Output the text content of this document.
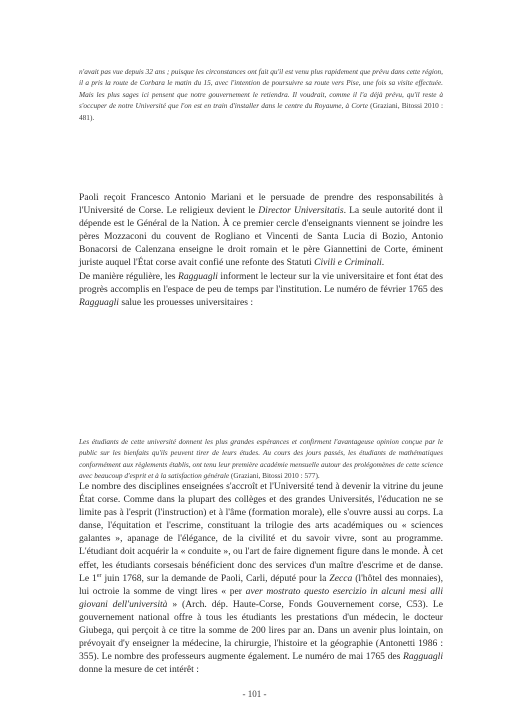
n'avait pas vue depuis 32 ans ; puisque les circonstances ont fait qu'il est venu plus rapidement que prévu dans cette région, il a pris la route de Corbara le matin du 15, avec l'intention de poursuivre sa route vers Pise, une fois sa visite effectuée. Mais les plus sages ici pensent que notre gouvernement le retiendra. Il voudrait, comme il l'a déjà prévu, qu'il reste à s'occuper de notre Université que l'on est en train d'installer dans le centre du Royaume, à Corte (Graziani, Bitossi 2010 : 481).

Paoli reçoit Francesco Antonio Mariani et le persuade de prendre des responsabilités à l'Université de Corse. Le religieux devient le Director Universitatis. La seule autorité dont il dépende est le Général de la Nation. À ce premier cercle d'enseignants viennent se joindre les pères Mozzaconi du couvent de Rogliano et Vincenti de Santa Lucia di Bozio, Antonio Bonacorsi de Calenzana enseigne le droit romain et le père Giannettini de Corte, éminent juriste auquel l'État corse avait confié une refonte des Statuti Civili e Criminali.

De manière régulière, les Ragguagli informent le lecteur sur la vie universitaire et font état des progrès accomplis en l'espace de peu de temps par l'institution. Le numéro de février 1765 des Ragguagli salue les prouesses universitaires :

Les étudiants de cette université donnent les plus grandes espérances et confirment l'avantageuse opinion conçue par le public sur les bienfaits qu'ils peuvent tirer de leurs études. Au cours des jours passés, les étudiants de mathématiques conformément aux règlements établis, ont tenu leur première académie mensuelle autour des prolégomènes de cette science avec beaucoup d'esprit et à la satisfaction générale (Graziani, Bitossi 2010 : 577).

Le nombre des disciplines enseignées s'accroît et l'Université tend à devenir la vitrine du jeune État corse. Comme dans la plupart des collèges et des grandes Universités, l'éducation ne se limite pas à l'esprit (l'instruction) et à l'âme (formation morale), elle s'ouvre aussi au corps. La danse, l'équitation et l'escrime, constituant la trilogie des arts académiques ou « sciences galantes », apanage de l'élégance, de la civilité et du savoir vivre, sont au programme. L'étudiant doit acquérir la « conduite », ou l'art de faire dignement figure dans le monde. À cet effet, les étudiants corsesais bénéficient donc des services d'un maître d'escrime et de danse. Le 1er juin 1768, sur la demande de Paoli, Carli, député pour la Zecca (l'hôtel des monnaies), lui octroie la somme de vingt lires « per aver mostrato questo esercizio in alcuni mesi alli giovani dell'università » (Arch. dép. Haute-Corse, Fonds Gouvernement corse, C53). Le gouvernement national offre à tous les étudiants les prestations d'un médecin, le docteur Giubega, qui perçoit à ce titre la somme de 200 lires par an. Dans un avenir plus lointain, on prévoyait d'y enseigner la médecine, la chirurgie, l'histoire et la géographie (Antonetti 1986 : 355). Le nombre des professeurs augmente également. Le numéro de mai 1765 des Ragguagli donne la mesure de cet intérêt :

- 101 -
